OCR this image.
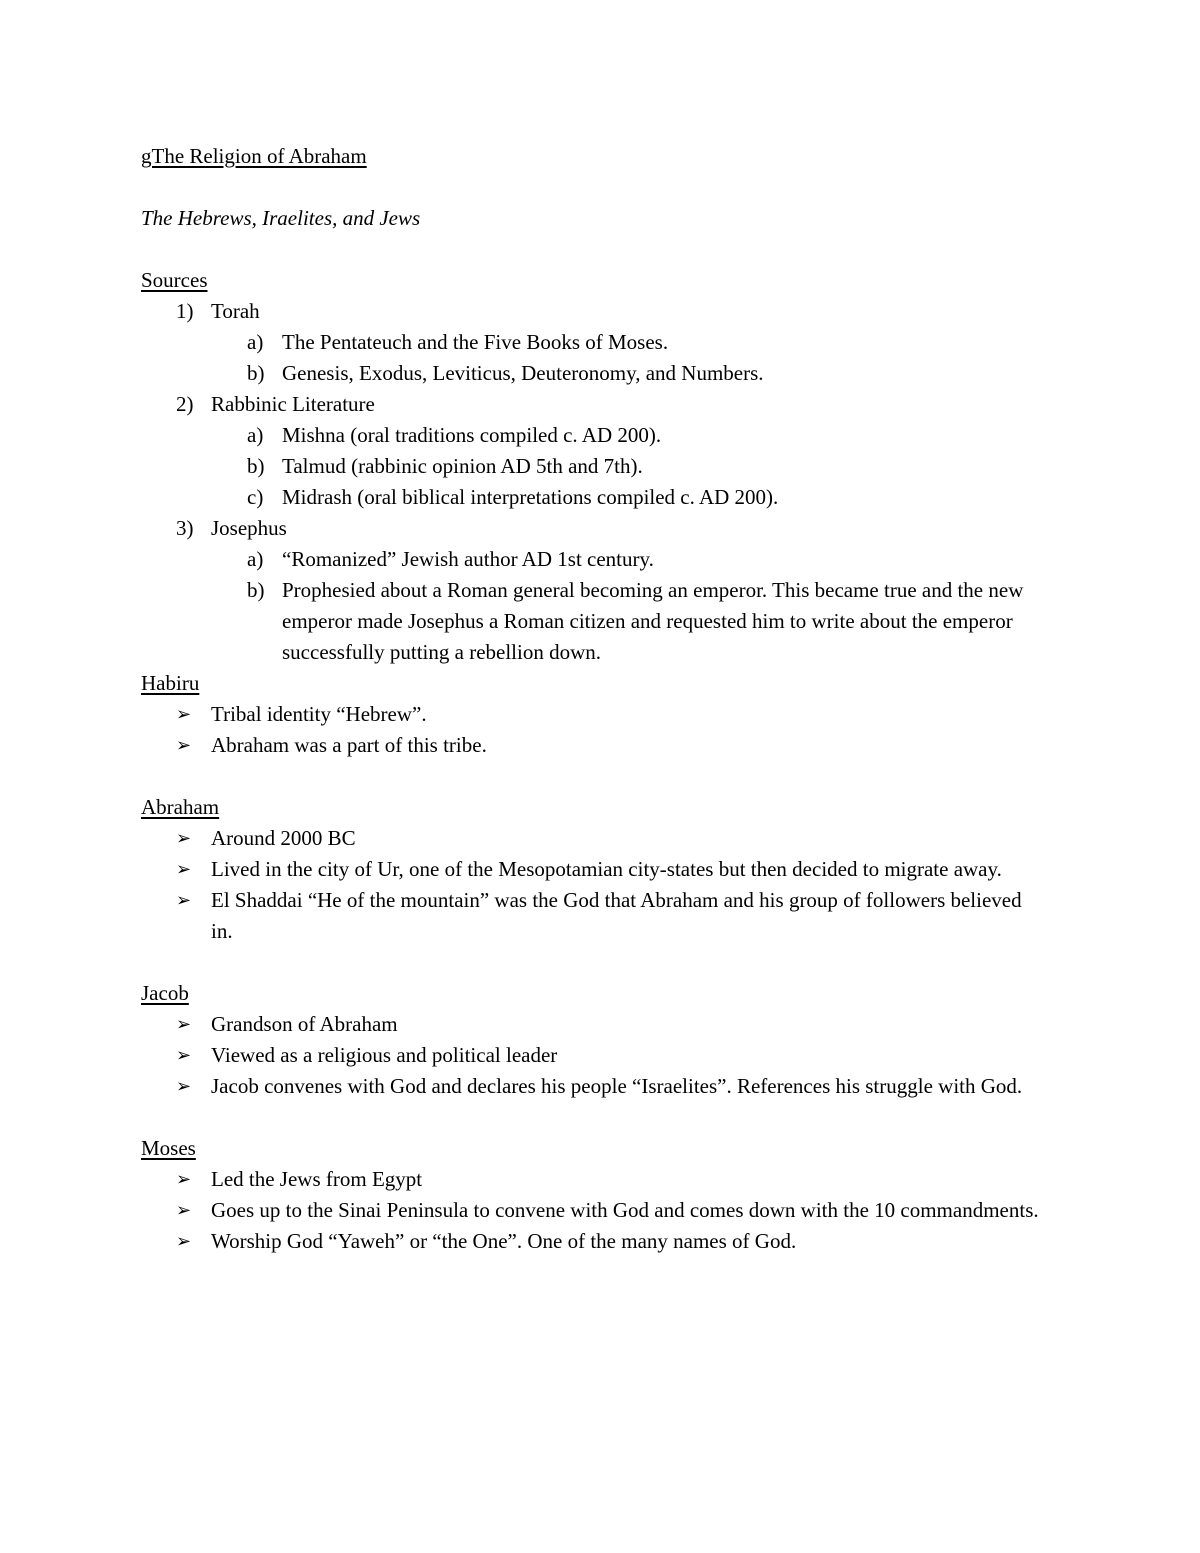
gThe Religion of Abraham
The Hebrews, Iraelites, and Jews
Sources
1) Torah
a) The Pentateuch and the Five Books of Moses.
b) Genesis, Exodus, Leviticus, Deuteronomy, and Numbers.
2) Rabbinic Literature
a) Mishna (oral traditions compiled c. AD 200).
b) Talmud (rabbinic opinion AD 5th and 7th).
c) Midrash (oral biblical interpretations compiled c. AD 200).
3) Josephus
a) “Romanized” Jewish author AD 1st century.
b) Prophesied about a Roman general becoming an emperor. This became true and the new emperor made Josephus a Roman citizen and requested him to write about the emperor successfully putting a rebellion down.
Habiru
➢ Tribal identity “Hebrew”.
➢ Abraham was a part of this tribe.
Abraham
➢ Around 2000 BC
➢ Lived in the city of Ur, one of the Mesopotamian city-states but then decided to migrate away.
➢ El Shaddai “He of the mountain” was the God that Abraham and his group of followers believed in.
Jacob
➢ Grandson of Abraham
➢ Viewed as a religious and political leader
➢ Jacob convenes with God and declares his people “Israelites”. References his struggle with God.
Moses
➢ Led the Jews from Egypt
➢ Goes up to the Sinai Peninsula to convene with God and comes down with the 10 commandments.
➢ Worship God “Yaweh” or “the One”. One of the many names of God.
